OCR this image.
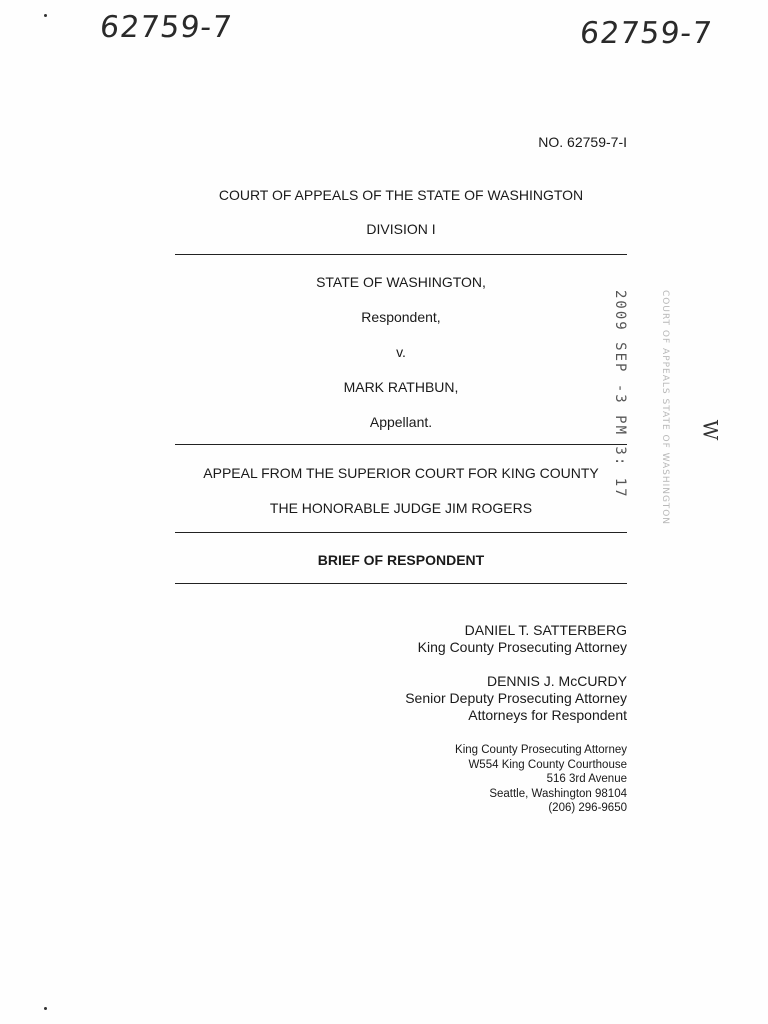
62759-7	62759-7
NO. 62759-7-I
COURT OF APPEALS OF THE STATE OF WASHINGTON
DIVISION I
STATE OF WASHINGTON,
Respondent,
v.
MARK RATHBUN,
Appellant.
APPEAL FROM THE SUPERIOR COURT FOR KING COUNTY
THE HONORABLE JUDGE JIM ROGERS
BRIEF OF RESPONDENT
DANIEL T. SATTERBERG
King County Prosecuting Attorney
DENNIS J. McCURDY
Senior Deputy Prosecuting Attorney
Attorneys for Respondent
King County Prosecuting Attorney
W554 King County Courthouse
516 3rd Avenue
Seattle, Washington 98104
(206) 296-9650
2009 SEP -3 PM 3: 17	COURT OF APPEALS STATE OF WASHINGTON W
